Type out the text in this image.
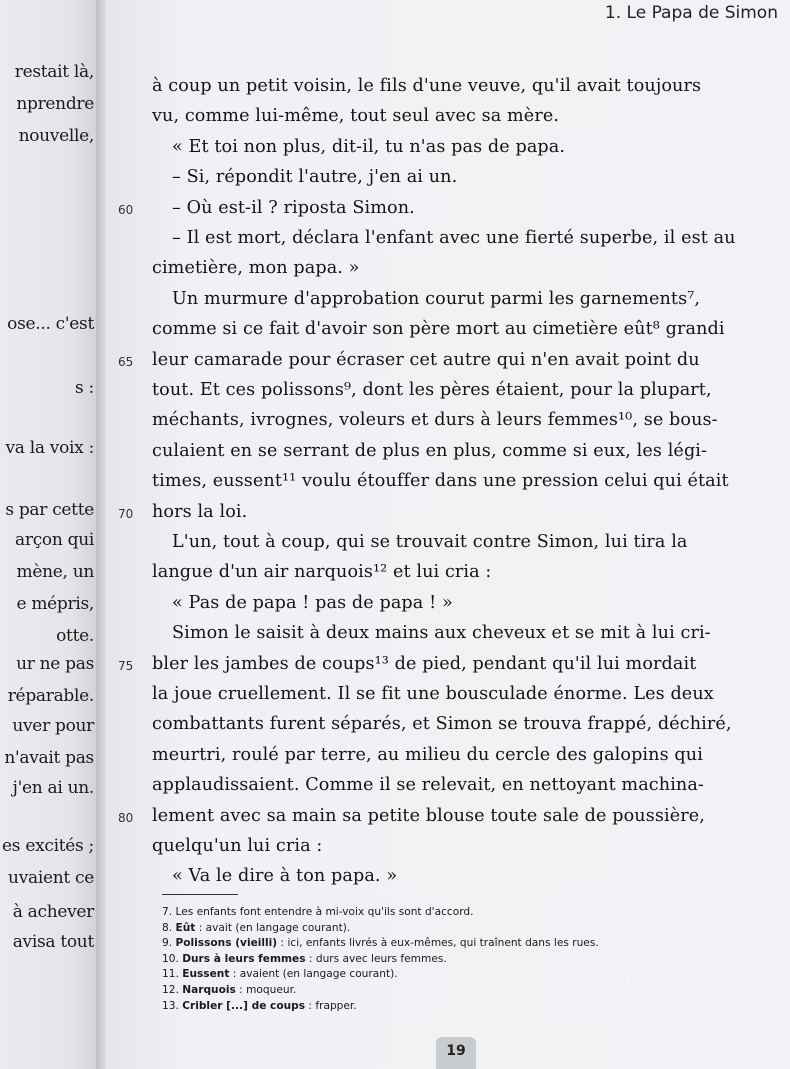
restait là,
nprendre
nouvelle,
ose... c'est
s :
va la voix :
s par cette
arçon qui
mène, un
e mépris,
otte.
ur ne pas
réparable.
uver pour
n'avait pas
j'en ai un.
es excités ;
uvaient ce
à achever
avisa tout
1. Le Papa de Simon
à coup un petit voisin, le fils d'une veuve, qu'il avait toujours
vu, comme lui-même, tout seul avec sa mère.
« Et toi non plus, dit-il, tu n'as pas de papa.
– Si, répondit l'autre, j'en ai un.
60 – Où est-il ? riposta Simon.
– Il est mort, déclara l'enfant avec une fierté superbe, il est au
cimetière, mon papa. »
Un murmure d'approbation courut parmi les garnements⁷,
comme si ce fait d'avoir son père mort au cimetière eût⁸ grandi
65 leur camarade pour écraser cet autre qui n'en avait point du
tout. Et ces polissons⁹, dont les pères étaient, pour la plupart,
méchants, ivrognes, voleurs et durs à leurs femmes¹⁰, se bous-
culaient en se serrant de plus en plus, comme si eux, les légi-
times, eussent¹¹ voulu étouffer dans une pression celui qui était
70 hors la loi.
L'un, tout à coup, qui se trouvait contre Simon, lui tira la
langue d'un air narquois¹² et lui cria :
« Pas de papa ! pas de papa ! »
Simon le saisit à deux mains aux cheveux et se mit à lui cri-
75 bler les jambes de coups¹³ de pied, pendant qu'il lui mordait
la joue cruellement. Il se fit une bousculade énorme. Les deux
combattants furent séparés, et Simon se trouva frappé, déchiré,
meurtri, roulé par terre, au milieu du cercle des galopins qui
applaudissaient. Comme il se relevait, en nettoyant machina-
80 lement avec sa main sa petite blouse toute sale de poussière,
quelqu'un lui cria :
« Va le dire à ton papa. »
7. Les enfants font entendre à mi-voix qu'ils sont d'accord.
8. Eût : avait (en langage courant).
9. Polissons (vieilli) : ici, enfants livrés à eux-mêmes, qui traînent dans les rues.
10. Durs à leurs femmes : durs avec leurs femmes.
11. Eussent : avaient (en langage courant).
12. Narquois : moqueur.
13. Cribler [...] de coups : frapper.
19
